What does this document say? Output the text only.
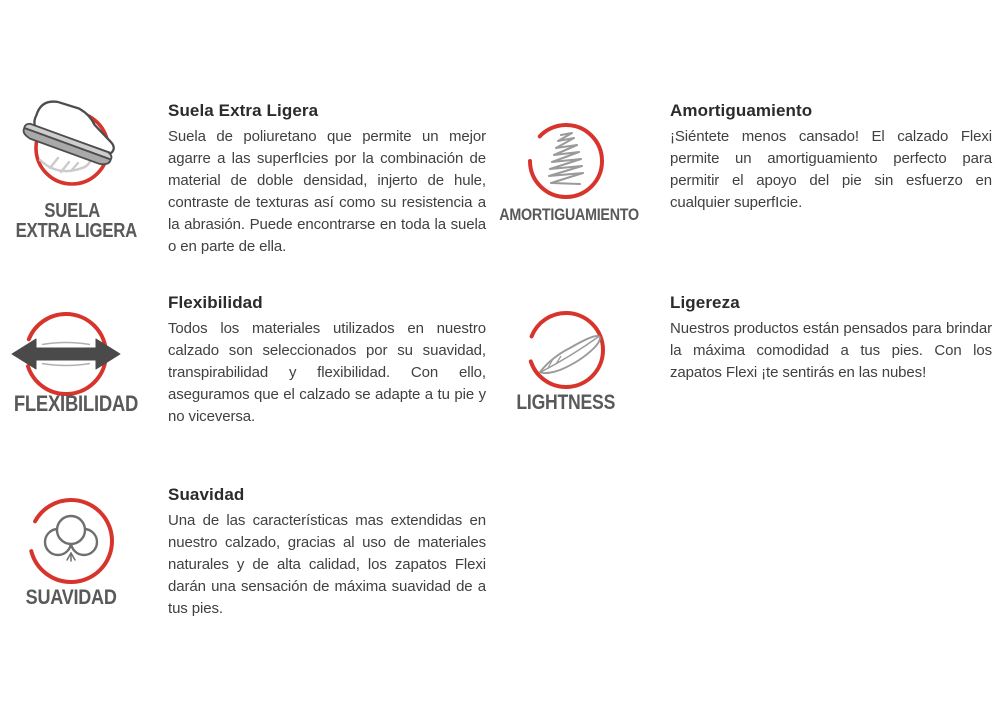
SUELA
EXTRA LIGERA
Suela Extra Ligera

Suela de poliuretano que permite un mejor agarre a las superfIcies por la combinación de material de doble densidad, injerto de hule, contraste de texturas así como su resistencia a la abrasión. Puede encontrarse en toda la suela o en parte de ella.

AMORTIGUAMIENTO
Amortiguamiento

¡Siéntete menos cansado! El calzado Flexi permite un amortiguamiento perfecto para permitir el apoyo del pie sin esfuerzo en cualquier superfIcie.

FLEXIBILIDAD
Flexibilidad

Todos los materiales utilizados en nuestro calzado son seleccionados por su suavidad, transpirabilidad y flexibilidad. Con ello, aseguramos que el calzado se adapte a tu pie y no viceversa.

LIGHTNESS
Ligereza

Nuestros productos están pensados para brindar la máxima comodidad a tus pies. Con los zapatos Flexi ¡te sentirás en las nubes!

SUAVIDAD
Suavidad

Una de las características mas extendidas en nuestro calzado, gracias al uso de materiales naturales y de alta calidad, los zapatos Flexi darán una sensación de máxima suavidad de a tus pies.
